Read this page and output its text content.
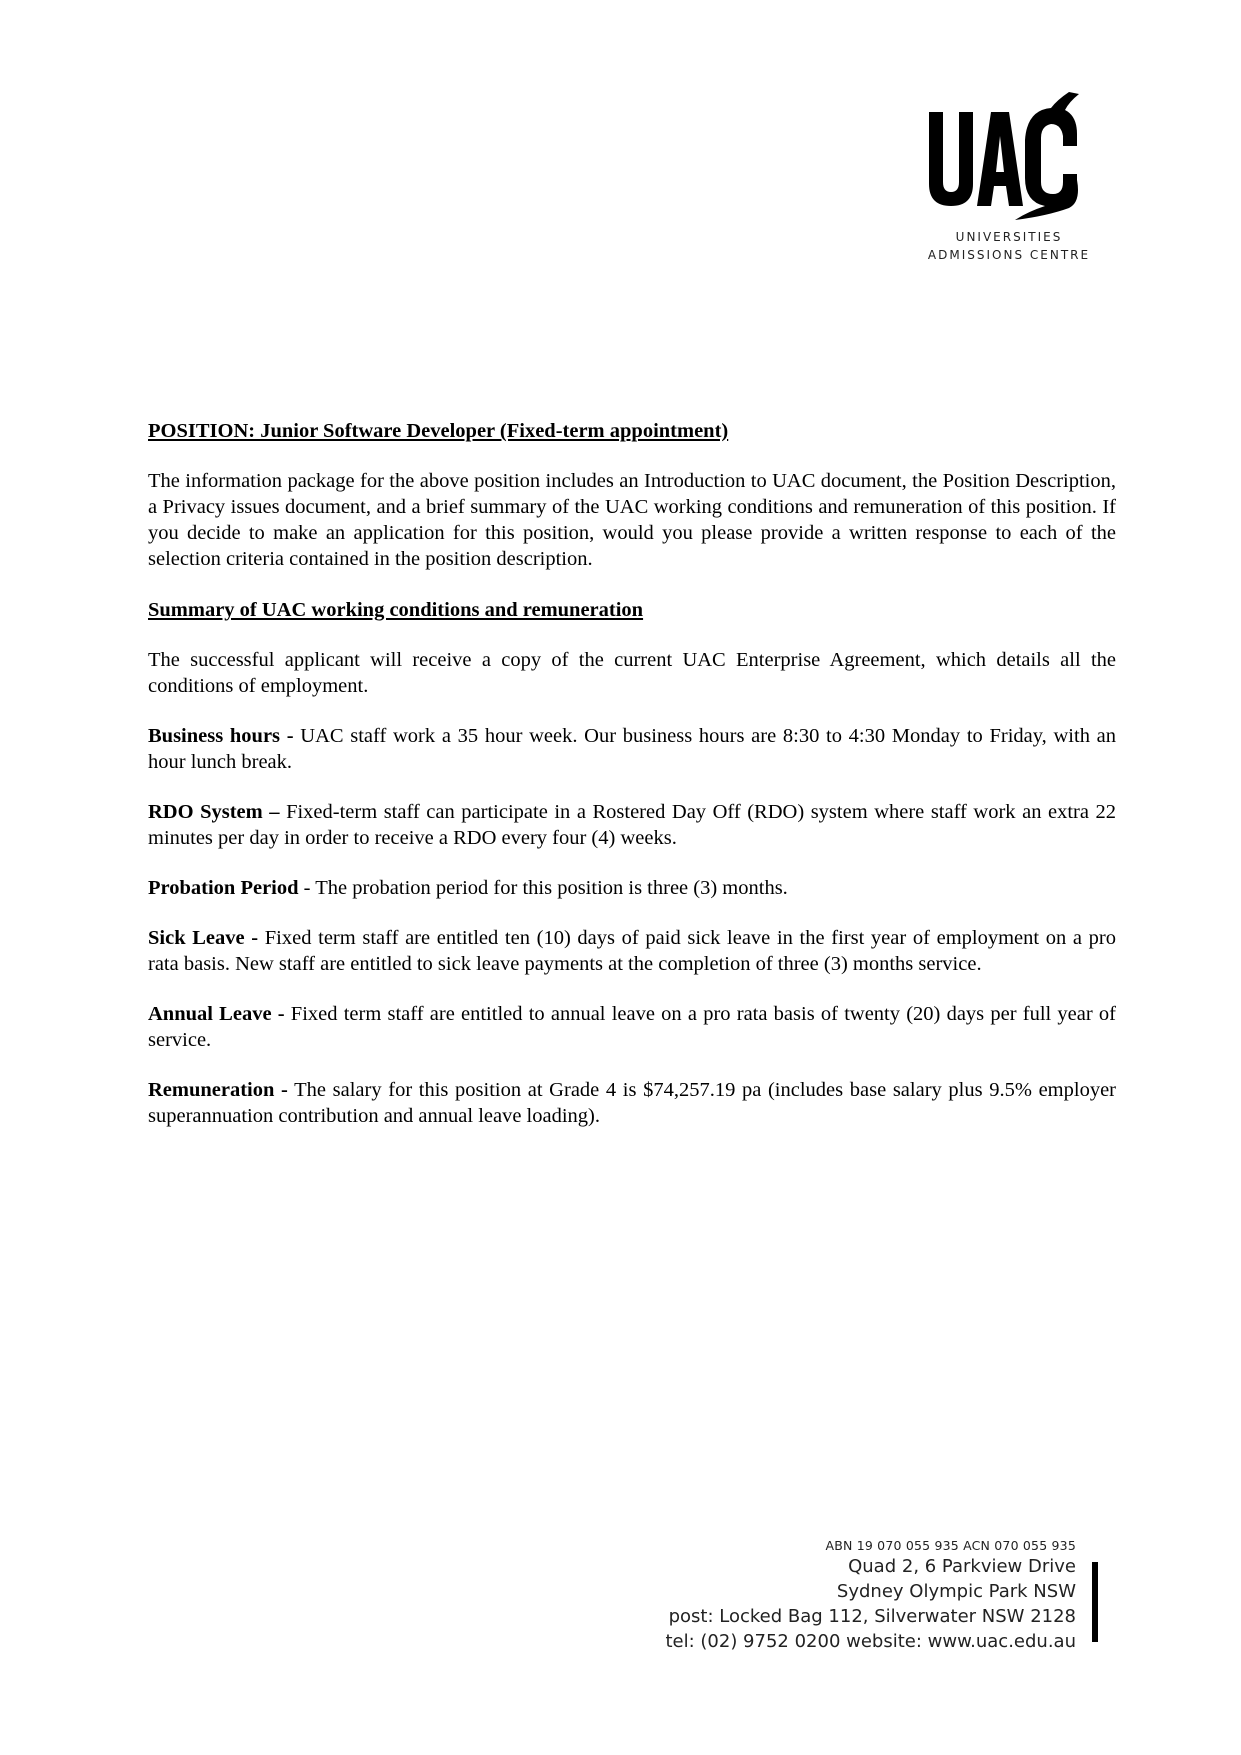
UNIVERSITIES
ADMISSIONS CENTRE

POSITION: Junior Software Developer (Fixed-term appointment)

The information package for the above position includes an Introduction to UAC document, the Position Description, a Privacy issues document, and a brief summary of the UAC working conditions and remuneration of this position. If you decide to make an application for this position, would you please provide a written response to each of the selection criteria contained in the position description.

Summary of UAC working conditions and remuneration

The successful applicant will receive a copy of the current UAC Enterprise Agreement, which details all the conditions of employment.

Business hours - UAC staff work a 35 hour week. Our business hours are 8:30 to 4:30 Monday to Friday, with an hour lunch break.

RDO System – Fixed-term staff can participate in a Rostered Day Off (RDO) system where staff work an extra 22 minutes per day in order to receive a RDO every four (4) weeks.

Probation Period - The probation period for this position is three (3) months.

Sick Leave - Fixed term staff are entitled ten (10) days of paid sick leave in the first year of employment on a pro rata basis. New staff are entitled to sick leave payments at the completion of three (3) months service.

Annual Leave - Fixed term staff are entitled to annual leave on a pro rata basis of twenty (20) days per full year of service.

Remuneration - The salary for this position at Grade 4 is $74,257.19 pa (includes base salary plus 9.5% employer superannuation contribution and annual leave loading).

ABN 19 070 055 935 ACN 070 055 935
Quad 2, 6 Parkview Drive
Sydney Olympic Park NSW
post: Locked Bag 112, Silverwater NSW 2128
tel: (02) 9752 0200 website: www.uac.edu.au
